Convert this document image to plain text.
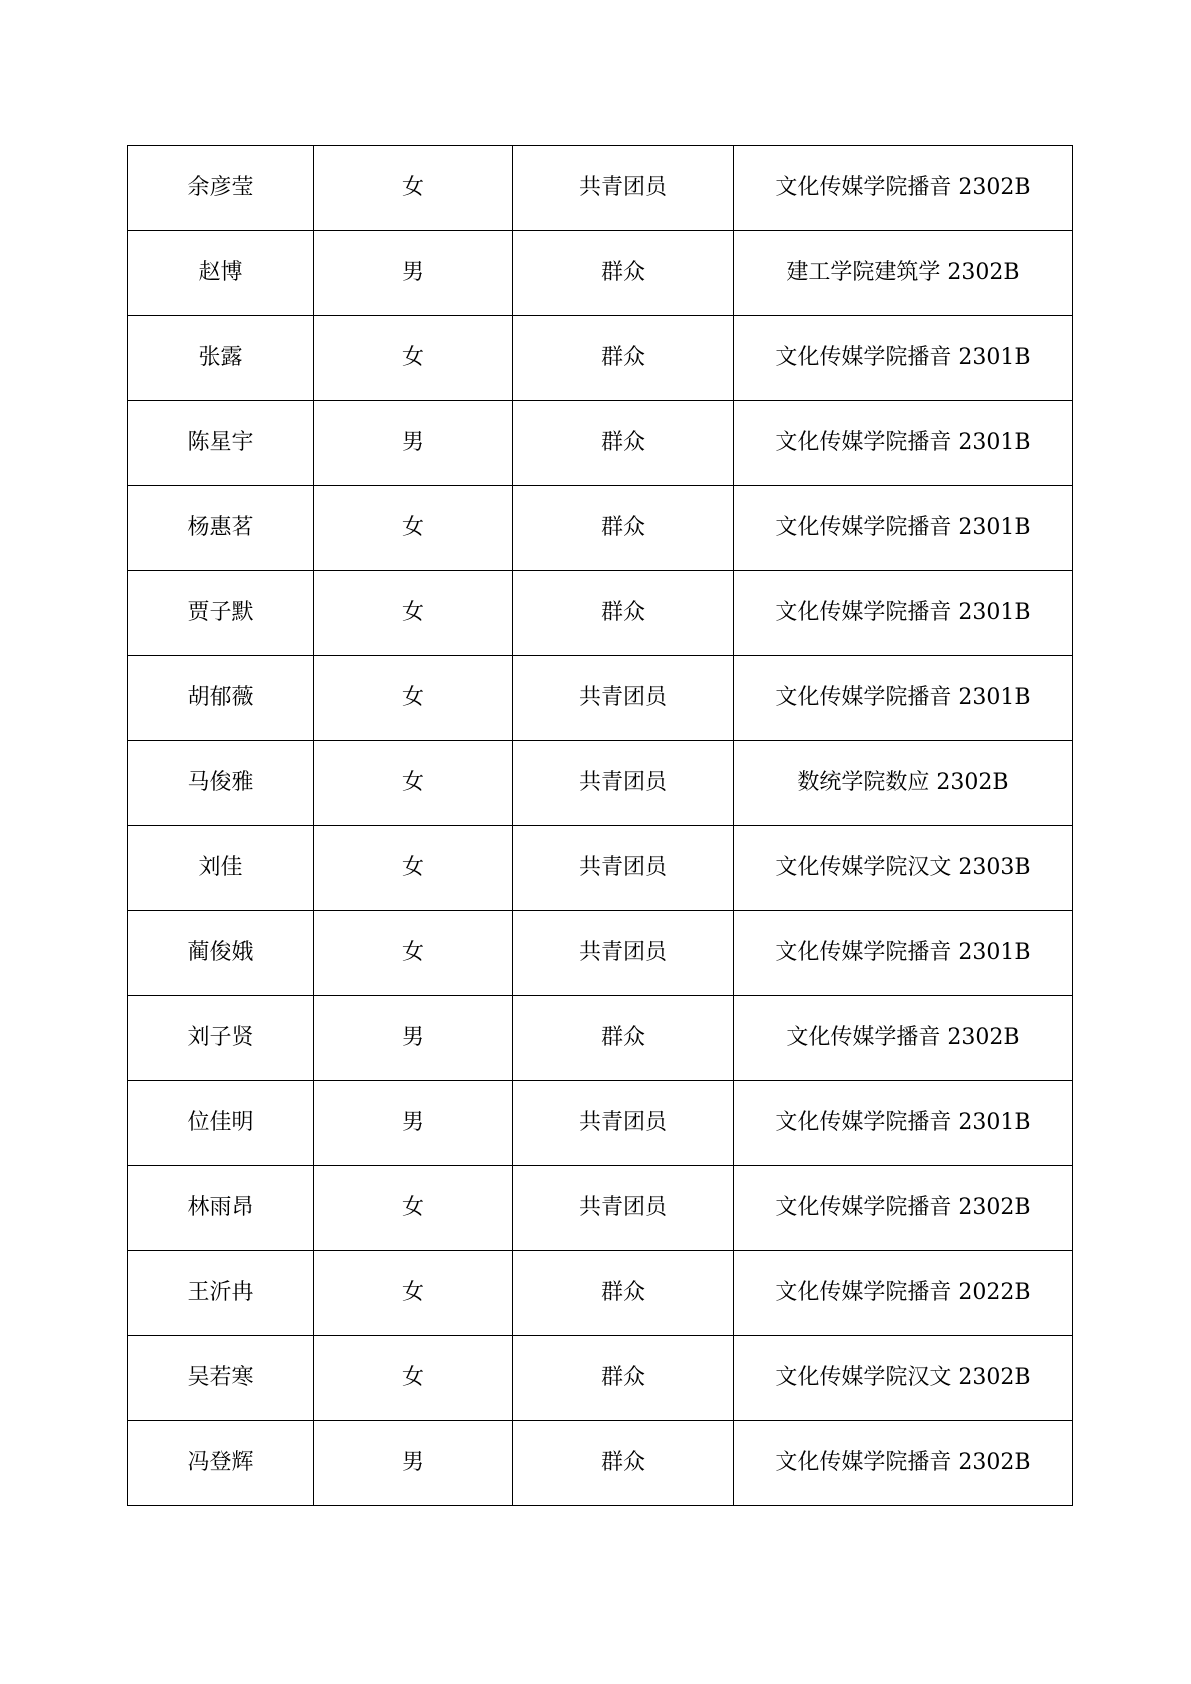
余彦莹	女	共青团员	文化传媒学院播音 2302B
赵博	男	群众	建工学院建筑学 2302B
张露	女	群众	文化传媒学院播音 2301B
陈星宇	男	群众	文化传媒学院播音 2301B
杨惠茗	女	群众	文化传媒学院播音 2301B
贾子默	女	群众	文化传媒学院播音 2301B
胡郁薇	女	共青团员	文化传媒学院播音 2301B
马俊雅	女	共青团员	数统学院数应 2302B
刘佳	女	共青团员	文化传媒学院汉文 2303B
蔺俊娥	女	共青团员	文化传媒学院播音 2301B
刘子贤	男	群众	文化传媒学播音 2302B
位佳明	男	共青团员	文化传媒学院播音 2301B
林雨昂	女	共青团员	文化传媒学院播音 2302B
王沂冉	女	群众	文化传媒学院播音 2022B
吴若寒	女	群众	文化传媒学院汉文 2302B
冯登辉	男	群众	文化传媒学院播音 2302B
